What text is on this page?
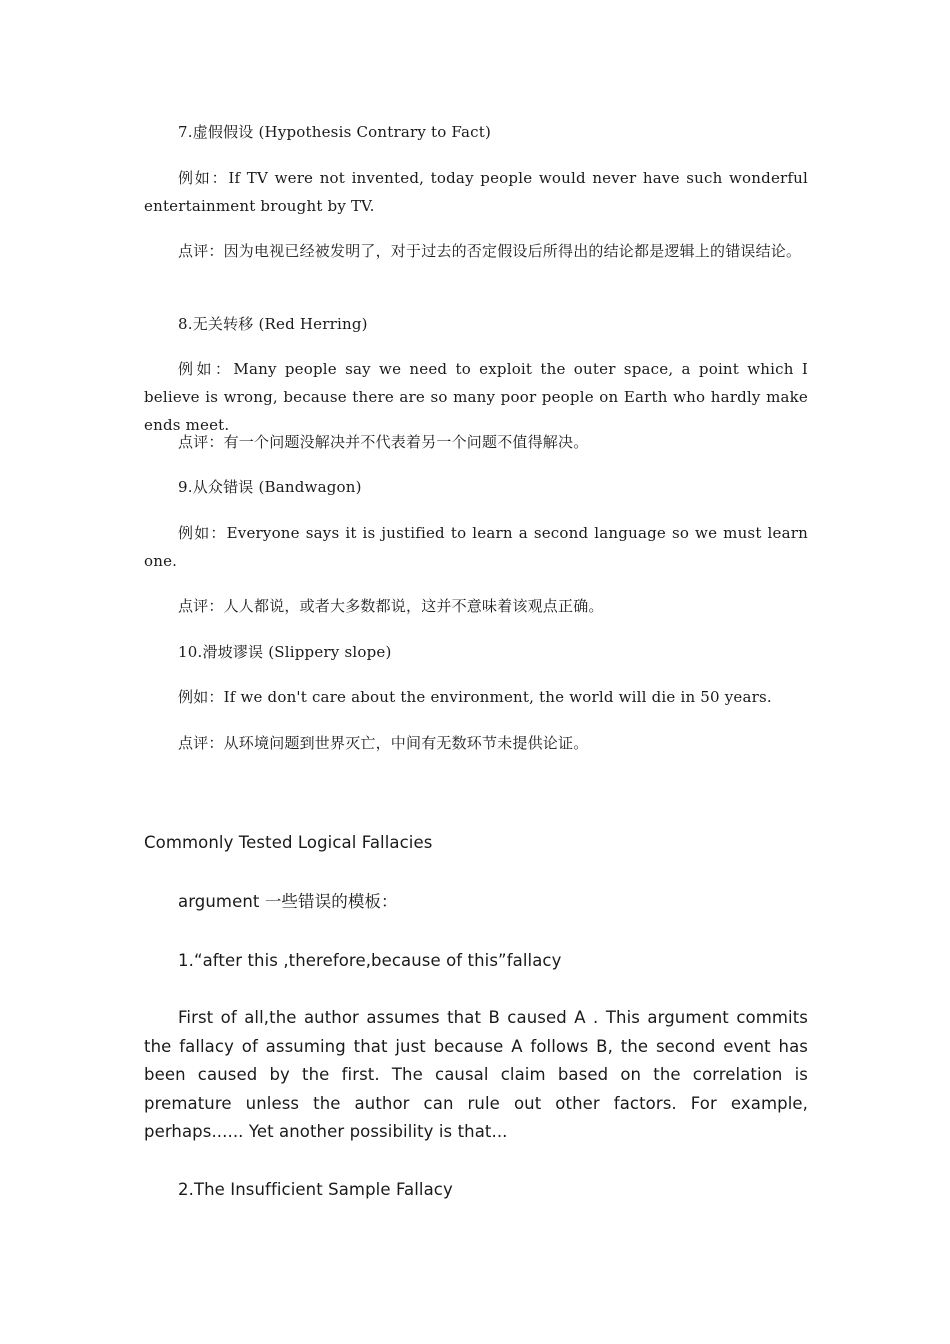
7.虚假假设 (Hypothesis Contrary to Fact)

例如：If TV were not invented, today people would never have such wonderful entertainment brought by TV.

点评：因为电视已经被发明了，对于过去的否定假设后所得出的结论都是逻辑上的错误结论。

8.无关转移 (Red Herring)

例如：Many people say we need to exploit the outer space, a point which I believe is wrong, because there are so many poor people on Earth who hardly make ends meet.

点评：有一个问题没解决并不代表着另一个问题不值得解决。

9.从众错误 (Bandwagon)

例如：Everyone says it is justified to learn a second language so we must learn one.

点评：人人都说，或者大多数都说，这并不意味着该观点正确。

10.滑坡谬误 (Slippery slope)

例如：If we don't care about the environment, the world will die in 50 years.

点评：从环境问题到世界灭亡，中间有无数环节未提供论证。

Commonly Tested Logical Fallacies

argument 一些错误的模板：

1.“after this ,therefore,because of this”fallacy

First of all,the author assumes that B caused A . This argument commits the fallacy of assuming that just because A follows B, the second event has been caused by the first. The causal claim based on the correlation is premature unless the author can rule out other factors. For example, perhaps...... Yet another possibility is that...

2.The Insufficient Sample Fallacy
